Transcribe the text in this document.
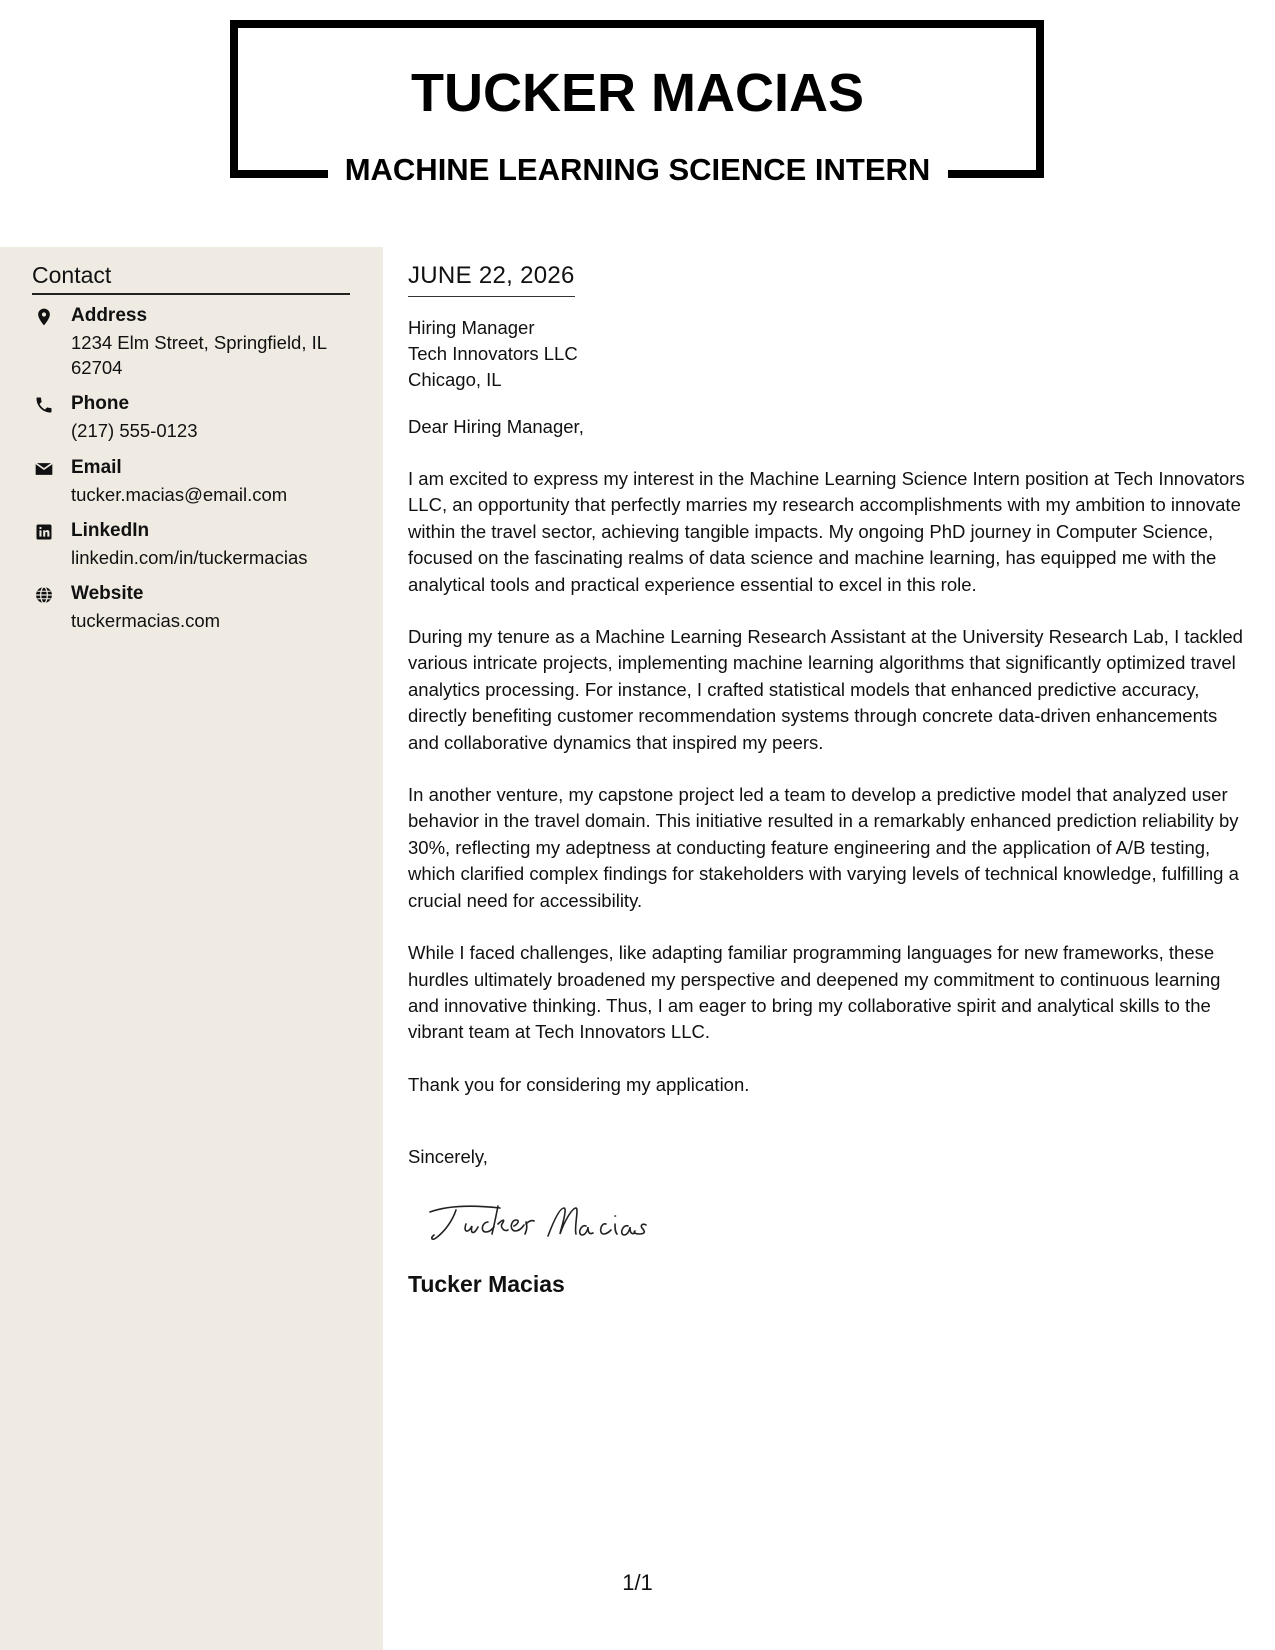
TUCKER MACIAS
MACHINE LEARNING SCIENCE INTERN
Contact
Address
1234 Elm Street, Springfield, IL 62704
Phone
(217) 555-0123
Email
tucker.macias@email.com
LinkedIn
linkedin.com/in/tuckermacias
Website
tuckermacias.com
JUNE 22, 2026
Hiring Manager
Tech Innovators LLC
Chicago, IL
Dear Hiring Manager,
I am excited to express my interest in the Machine Learning Science Intern position at Tech Innovators LLC, an opportunity that perfectly marries my research accomplishments with my ambition to innovate within the travel sector, achieving tangible impacts. My ongoing PhD journey in Computer Science, focused on the fascinating realms of data science and machine learning, has equipped me with the analytical tools and practical experience essential to excel in this role.
During my tenure as a Machine Learning Research Assistant at the University Research Lab, I tackled various intricate projects, implementing machine learning algorithms that significantly optimized travel analytics processing. For instance, I crafted statistical models that enhanced predictive accuracy, directly benefiting customer recommendation systems through concrete data-driven enhancements and collaborative dynamics that inspired my peers.
In another venture, my capstone project led a team to develop a predictive model that analyzed user behavior in the travel domain. This initiative resulted in a remarkably enhanced prediction reliability by 30%, reflecting my adeptness at conducting feature engineering and the application of A/B testing, which clarified complex findings for stakeholders with varying levels of technical knowledge, fulfilling a crucial need for accessibility.
While I faced challenges, like adapting familiar programming languages for new frameworks, these hurdles ultimately broadened my perspective and deepened my commitment to continuous learning and innovative thinking. Thus, I am eager to bring my collaborative spirit and analytical skills to the vibrant team at Tech Innovators LLC.
Thank you for considering my application.
Sincerely,
Tucker Macias
1/1
